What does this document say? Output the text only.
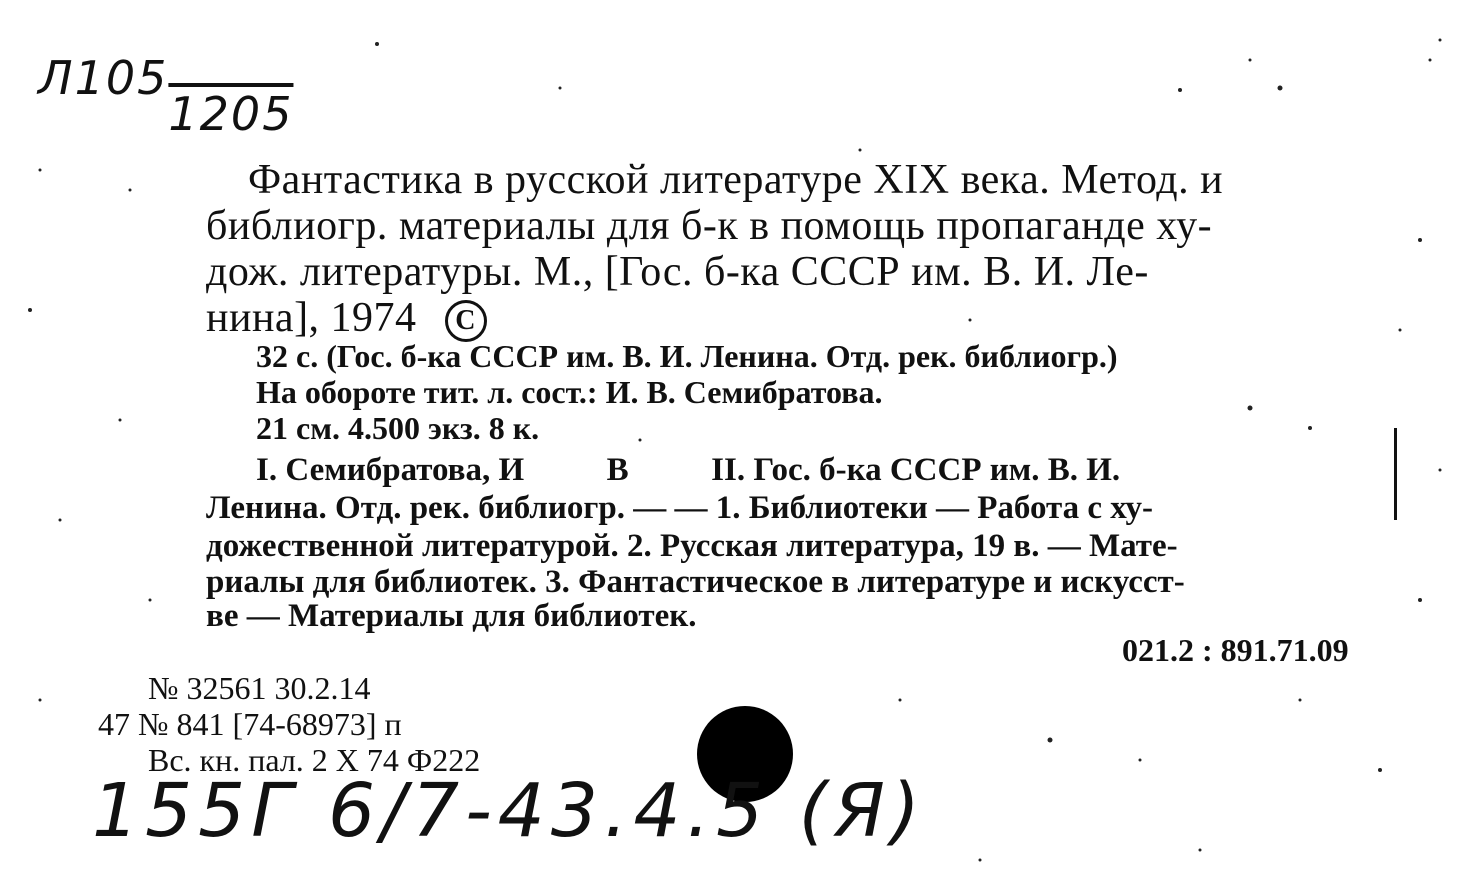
$Л105_{1205}$
Фантастика в русской литературе XIX века. Метод. и
библиогр. материалы для б-к в помощь пропаганде ху-
дож. литературы. М., [Гос. б-ка СССР им. В. И. Ле-
нина], 1974 C
32 с. (Гос. б-ка СССР им. В. И. Ленина. Отд. рек. библиогр.)
На обороте тит. л. сост.: И. В. Семибратова.
21 см. 4.500 экз. 8 к.
I. Семибратова, И          В          II. Гос. б-ка СССР им. В. И.
Ленина. Отд. рек. библиогр. — — 1. Библиотеки — Работа с ху-
дожественной литературой. 2. Русская литература, 19 в. — Мате-
риалы для библиотек. 3. Фантастическое в литературе и искусст-
ве — Материалы для библиотек.
021.2 : 891.71.09
№ 32561 30.2.14
47 № 841 [74-68973] п
Вс. кн. пал. 2 X 74 Ф222
155Г 6/7-43.4.5 (Я)
